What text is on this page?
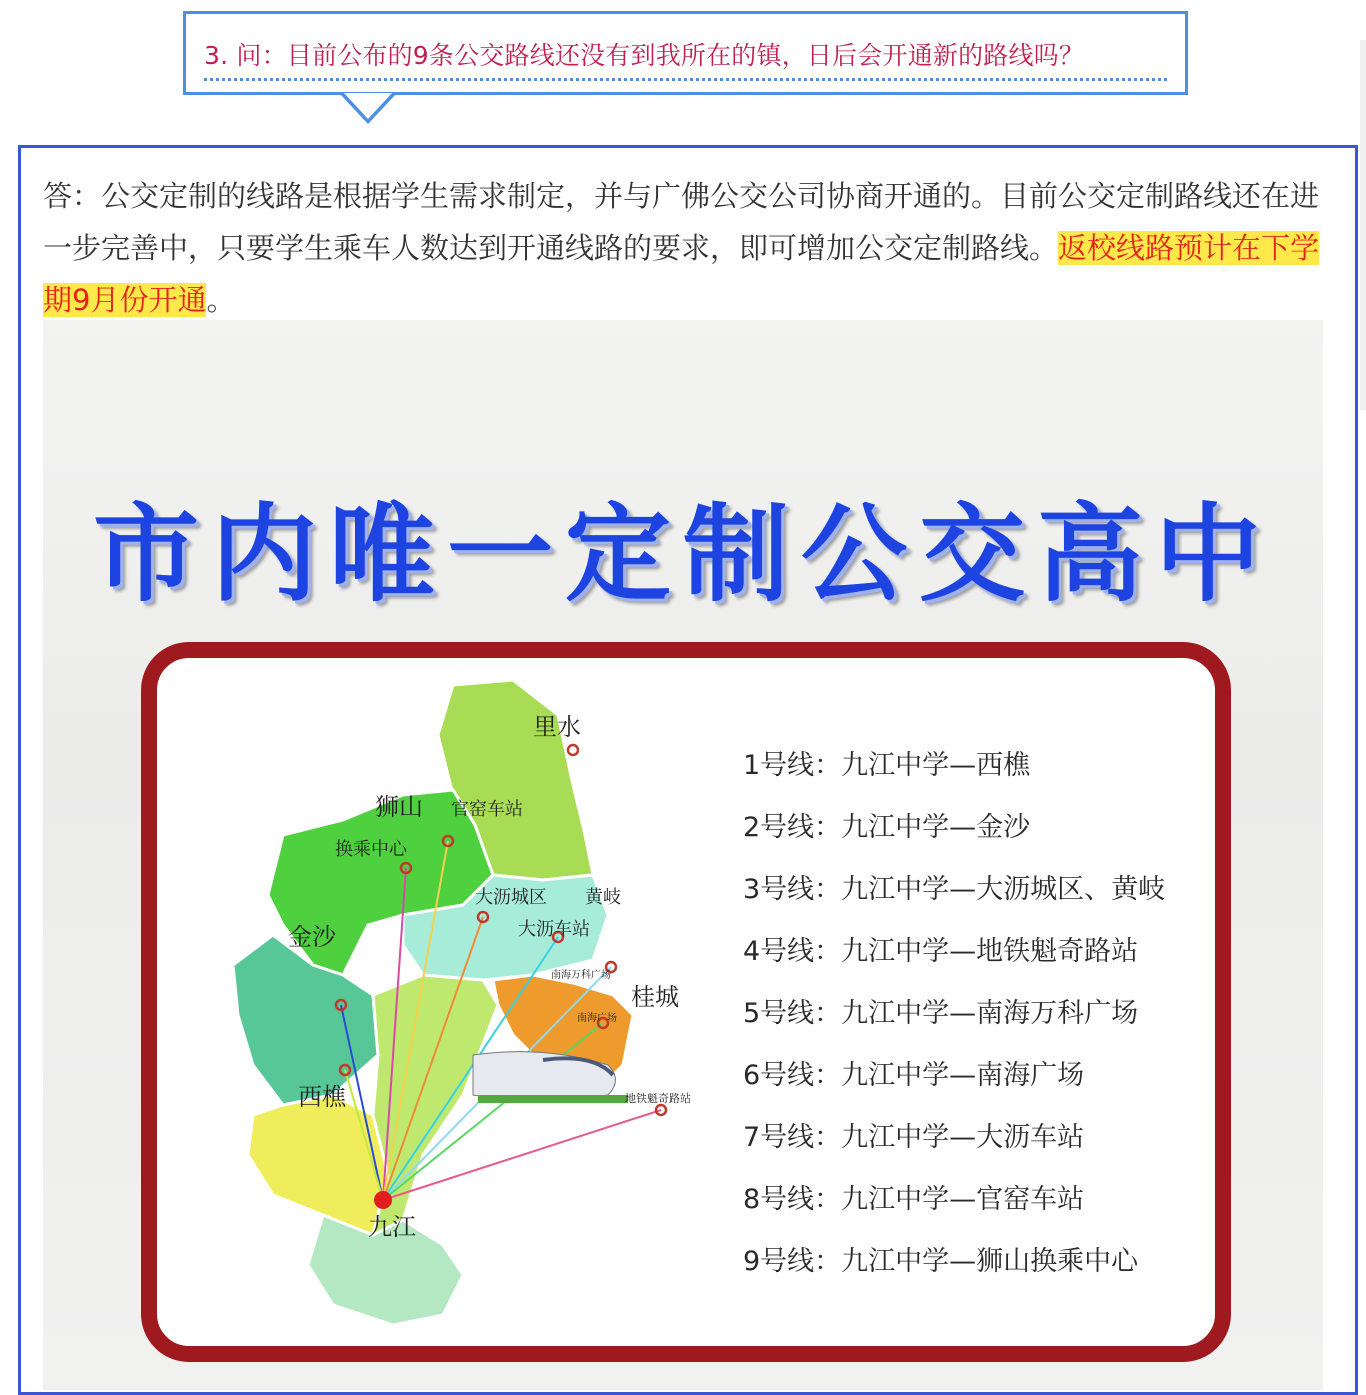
3. 问：目前公布的9条公交路线还没有到我所在的镇，日后会开通新的路线吗？
答：公交定制的线路是根据学生需求制定，并与广佛公交公司协商开通的。目前公交定制路线还在进一步完善中，只要学生乘车人数达到开通线路的要求，即可增加公交定制路线。返校线路预计在下学期9月份开通。
市内唯一定制公交高中
里水
狮山 官窑车站
换乘中心
大沥城区 黄岐
大沥车站
金沙
南海万科广场
桂城
南海广场
西樵	地铁魁奇路站
九江
1号线：九江中学—西樵
2号线：九江中学—金沙
3号线：九江中学—大沥城区、黄岐
4号线：九江中学—地铁魁奇路站
5号线：九江中学—南海万科广场
6号线：九江中学—南海广场
7号线：九江中学—大沥车站
8号线：九江中学—官窑车站
9号线：九江中学—狮山换乘中心
